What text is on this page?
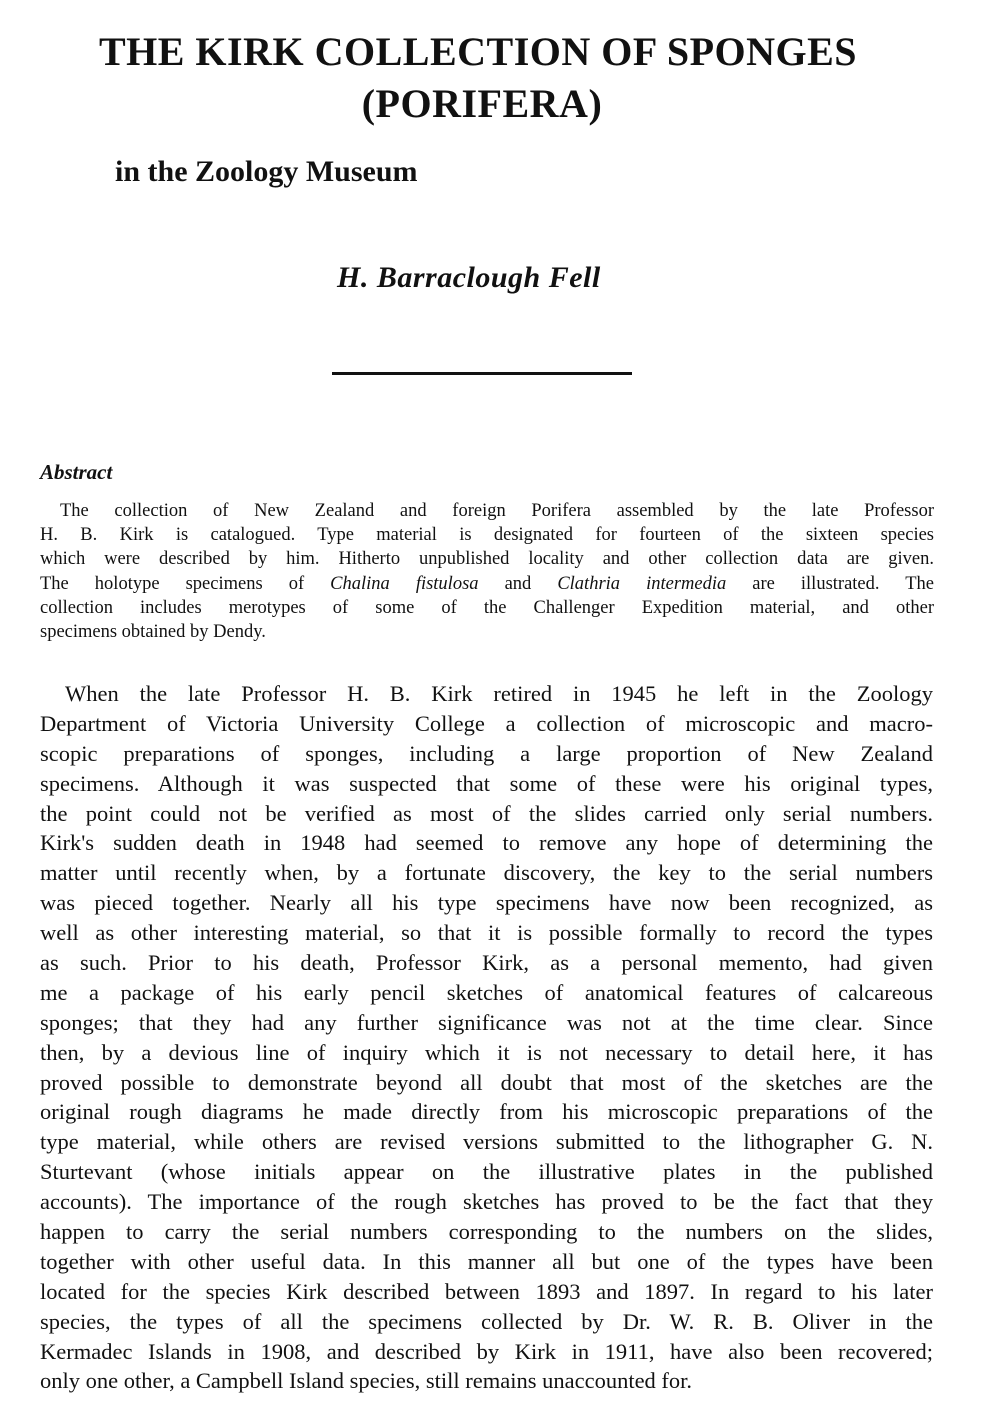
THE KIRK COLLECTION OF SPONGES
(PORIFERA)
in the Zoology Museum
H. Barraclough Fell
Abstract
The collection of New Zealand and foreign Porifera assembled by the late Professor
H. B. Kirk is catalogued. Type material is designated for fourteen of the sixteen species
which were described by him. Hitherto unpublished locality and other collection data are given.
The holotype specimens of Chalina fistulosa and Clathria intermedia are illustrated. The
collection includes merotypes of some of the Challenger Expedition material, and other
specimens obtained by Dendy.
When the late Professor H. B. Kirk retired in 1945 he left in the Zoology
Department of Victoria University College a collection of microscopic and macro-
scopic preparations of sponges, including a large proportion of New Zealand
specimens. Although it was suspected that some of these were his original types,
the point could not be verified as most of the slides carried only serial numbers.
Kirk's sudden death in 1948 had seemed to remove any hope of determining the
matter until recently when, by a fortunate discovery, the key to the serial numbers
was pieced together. Nearly all his type specimens have now been recognized, as
well as other interesting material, so that it is possible formally to record the types
as such. Prior to his death, Professor Kirk, as a personal memento, had given
me a package of his early pencil sketches of anatomical features of calcareous
sponges; that they had any further significance was not at the time clear. Since
then, by a devious line of inquiry which it is not necessary to detail here, it has
proved possible to demonstrate beyond all doubt that most of the sketches are the
original rough diagrams he made directly from his microscopic preparations of the
type material, while others are revised versions submitted to the lithographer G. N.
Sturtevant (whose initials appear on the illustrative plates in the published
accounts). The importance of the rough sketches has proved to be the fact that they
happen to carry the serial numbers corresponding to the numbers on the slides,
together with other useful data. In this manner all but one of the types have been
located for the species Kirk described between 1893 and 1897. In regard to his later
species, the types of all the specimens collected by Dr. W. R. B. Oliver in the
Kermadec Islands in 1908, and described by Kirk in 1911, have also been recovered;
only one other, a Campbell Island species, still remains unaccounted for.
